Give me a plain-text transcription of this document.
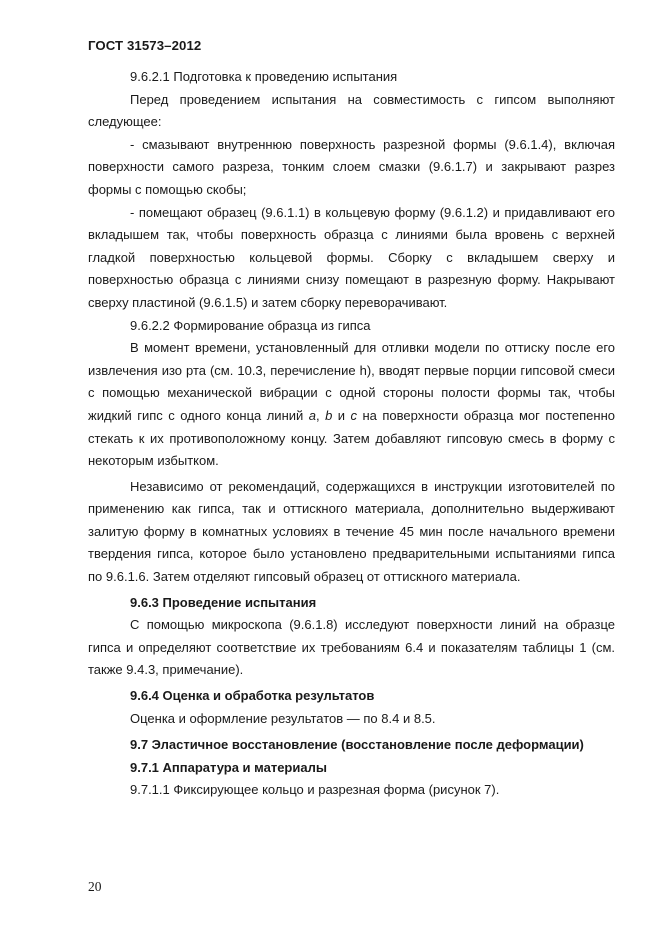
ГОСТ 31573–2012

9.6.2.1 Подготовка к проведению испытания

Перед проведением испытания на совместимость с гипсом выполняют следующее:

- смазывают внутреннюю поверхность разрезной формы (9.6.1.4), включая поверхности самого разреза, тонким слоем смазки (9.6.1.7) и закрывают разрез формы с помощью скобы;

- помещают образец (9.6.1.1) в кольцевую форму (9.6.1.2) и придавливают его вкладышем так, чтобы поверхность образца с линиями была вровень с верхней гладкой поверхностью кольцевой формы. Сборку с вкладышем сверху и поверхностью образца с линиями снизу помещают в разрезную форму. Накрывают сверху пластиной (9.6.1.5) и затем сборку переворачивают.

9.6.2.2 Формирование образца из гипса

В момент времени, установленный для отливки модели по оттиску после его извлечения изо рта (см. 10.3, перечисление h), вводят первые порции гипсовой смеси с помощью механической вибрации с одной стороны полости формы так, чтобы жидкий гипс с одного конца линий a, b и c на поверхности образца мог постепенно стекать к их противоположному концу. Затем добавляют гипсовую смесь в форму с некоторым избытком.

Независимо от рекомендаций, содержащихся в инструкции изготовителей по применению как гипса, так и оттискного материала, дополнительно выдерживают залитую форму в комнатных условиях в течение 45 мин после начального времени твердения гипса, которое было установлено предварительными испытаниями гипса по 9.6.1.6. Затем отделяют гипсовый образец от оттискного материала.

9.6.3 Проведение испытания

С помощью микроскопа (9.6.1.8) исследуют поверхности линий на образце гипса и определяют соответствие их требованиям 6.4 и показателям таблицы 1 (см. также 9.4.3, примечание).

9.6.4 Оценка и обработка результатов

Оценка и оформление результатов — по 8.4 и 8.5.

9.7 Эластичное восстановление (восстановление после деформации)

9.7.1 Аппаратура и материалы

9.7.1.1 Фиксирующее кольцо и разрезная форма (рисунок 7).

20
